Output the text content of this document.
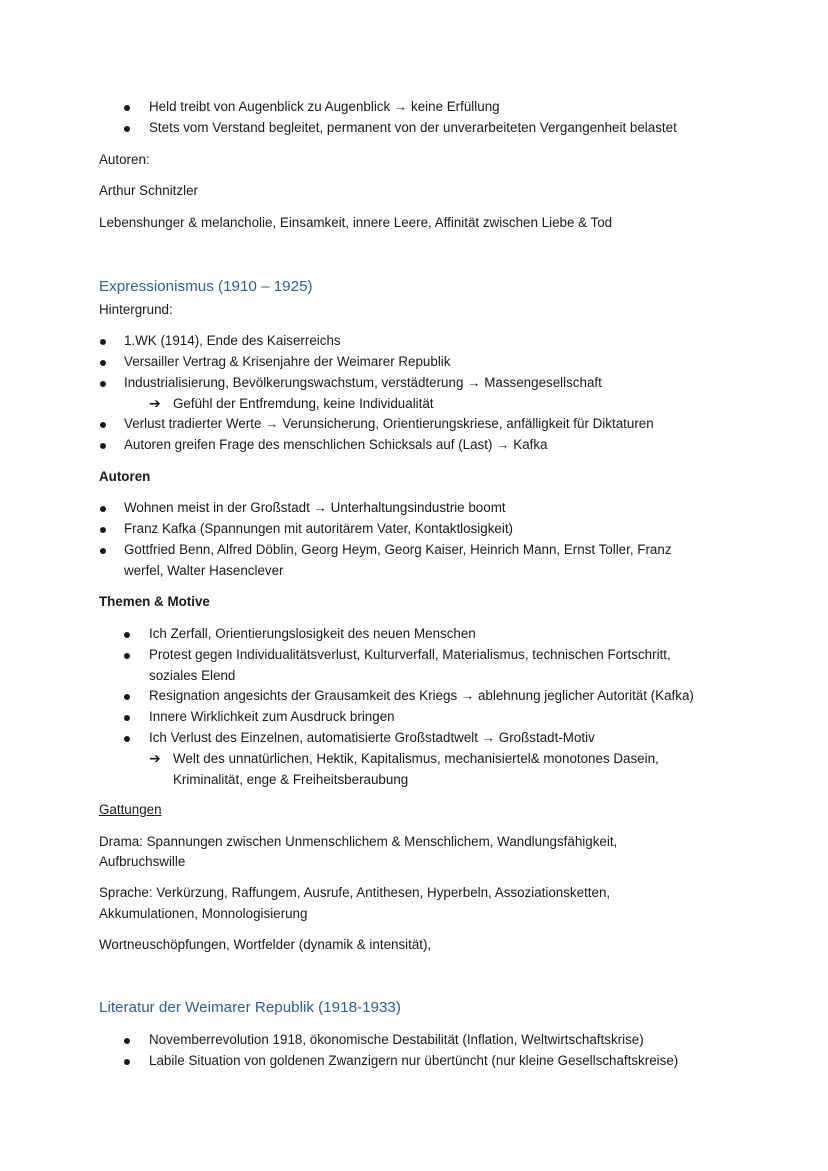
Held treibt von Augenblick zu Augenblick → keine Erfüllung
Stets vom Verstand begleitet, permanent von der unverarbeiteten Vergangenheit belastet

Autoren:

Arthur Schnitzler

Lebenshunger & melancholie, Einsamkeit, innere Leere, Affinität zwischen Liebe & Tod

Expressionismus (1910 – 1925)

Hintergrund:

1.WK (1914), Ende des Kaiserreichs
Versailler Vertrag & Krisenjahre der Weimarer Republik
Industrialisierung, Bevölkerungswachstum, verstädterung → Massengesellschaft
➔ Gefühl der Entfremdung, keine Individualität
Verlust tradierter Werte → Verunsicherung, Orientierungskriese, anfälligkeit für Diktaturen
Autoren greifen Frage des menschlichen Schicksals auf (Last) → Kafka

Autoren

Wohnen meist in der Großstadt → Unterhaltungsindustrie boomt
Franz Kafka (Spannungen mit autoritärem Vater, Kontaktlosigkeit)
Gottfried Benn, Alfred Döblin, Georg Heym, Georg Kaiser, Heinrich Mann, Ernst Toller, Franz
werfel, Walter Hasenclever

Themen & Motive

Ich Zerfall, Orientierungslosigkeit des neuen Menschen
Protest gegen Individualitätsverlust, Kulturverfall, Materialismus, technischen Fortschritt,
soziales Elend
Resignation angesichts der Grausamkeit des Kriegs → ablehnung jeglicher Autorität (Kafka)
Innere Wirklichkeit zum Ausdruck bringen
Ich Verlust des Einzelnen, automatisierte Großstadtwelt → Großstadt-Motiv
➔ Welt des unnatürlichen, Hektik, Kapitalismus, mechanisiertel& monotones Dasein,
Kriminalität, enge & Freiheitsberaubung

Gattungen

Drama: Spannungen zwischen Unmenschlichem & Menschlichem, Wandlungsfähigkeit,

Aufbruchswille

Sprache: Verkürzung, Raffungem, Ausrufe, Antithesen, Hyperbeln, Assoziationsketten,

Akkumulationen, Monnologisierung

Wortneuschöpfungen, Wortfelder (dynamik & intensität),

Literatur der Weimarer Republik (1918-1933)

Novemberrevolution 1918, ökonomische Destabilität (Inflation, Weltwirtschaftskrise)
Labile Situation von goldenen Zwanzigern nur übertüncht (nur kleine Gesellschaftskreise)
